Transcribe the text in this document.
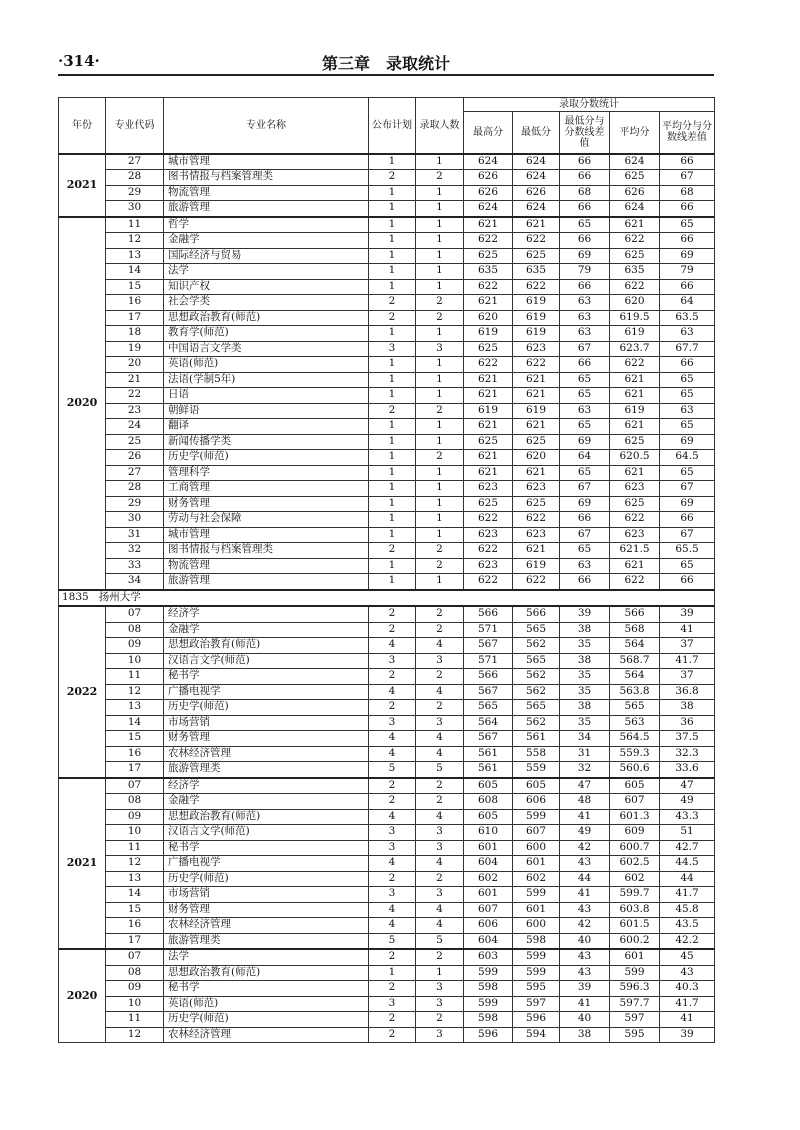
·314·	第三章　录取统计
年份	专业代码	专业名称	公布计划	录取人数	录取分数统计				
					最高分	最低分	最低分与分数线差值	平均分	平均分与分数线差值
2021	27	城市管理	1	1	624	624	66	624	66
	28	图书情报与档案管理类	2	2	626	624	66	625	67
	29	物流管理	1	1	626	626	68	626	68
	30	旅游管理	1	1	624	624	66	624	66
2020	11	哲学	1	1	621	621	65	621	65
	12	金融学	1	1	622	622	66	622	66
	13	国际经济与贸易	1	1	625	625	69	625	69
	14	法学	1	1	635	635	79	635	79
	15	知识产权	1	1	622	622	66	622	66
	16	社会学类	2	2	621	619	63	620	64
	17	思想政治教育(师范)	2	2	620	619	63	619.5	63.5
	18	教育学(师范)	1	1	619	619	63	619	63
	19	中国语言文学类	3	3	625	623	67	623.7	67.7
	20	英语(师范)	1	1	622	622	66	622	66
	21	法语(学制5年)	1	1	621	621	65	621	65
	22	日语	1	1	621	621	65	621	65
	23	朝鲜语	2	2	619	619	63	619	63
	24	翻译	1	1	621	621	65	621	65
	25	新闻传播学类	1	1	625	625	69	625	69
	26	历史学(师范)	1	2	621	620	64	620.5	64.5
	27	管理科学	1	1	621	621	65	621	65
	28	工商管理	1	1	623	623	67	623	67
	29	财务管理	1	1	625	625	69	625	69
	30	劳动与社会保障	1	1	622	622	66	622	66
	31	城市管理	1	1	623	623	67	623	67
	32	图书情报与档案管理类	2	2	622	621	65	621.5	65.5
	33	物流管理	1	2	623	619	63	621	65
	34	旅游管理	1	1	622	622	66	622	66
1835 扬州大学									
2022	07	经济学	2	2	566	566	39	566	39
	08	金融学	2	2	571	565	38	568	41
	09	思想政治教育(师范)	4	4	567	562	35	564	37
	10	汉语言文学(师范)	3	3	571	565	38	568.7	41.7
	11	秘书学	2	2	566	562	35	564	37
	12	广播电视学	4	4	567	562	35	563.8	36.8
	13	历史学(师范)	2	2	565	565	38	565	38
	14	市场营销	3	3	564	562	35	563	36
	15	财务管理	4	4	567	561	34	564.5	37.5
	16	农林经济管理	4	4	561	558	31	559.3	32.3
	17	旅游管理类	5	5	561	559	32	560.6	33.6
2021	07	经济学	2	2	605	605	47	605	47
	08	金融学	2	2	608	606	48	607	49
	09	思想政治教育(师范)	4	4	605	599	41	601.3	43.3
	10	汉语言文学(师范)	3	3	610	607	49	609	51
	11	秘书学	3	3	601	600	42	600.7	42.7
	12	广播电视学	4	4	604	601	43	602.5	44.5
	13	历史学(师范)	2	2	602	602	44	602	44
	14	市场营销	3	3	601	599	41	599.7	41.7
	15	财务管理	4	4	607	601	43	603.8	45.8
	16	农林经济管理	4	4	606	600	42	601.5	43.5
	17	旅游管理类	5	5	604	598	40	600.2	42.2
2020	07	法学	2	2	603	599	43	601	45
	08	思想政治教育(师范)	1	1	599	599	43	599	43
	09	秘书学	2	3	598	595	39	596.3	40.3
	10	英语(师范)	3	3	599	597	41	597.7	41.7
	11	历史学(师范)	2	2	598	596	40	597	41
	12	农林经济管理	2	3	596	594	38	595	39
